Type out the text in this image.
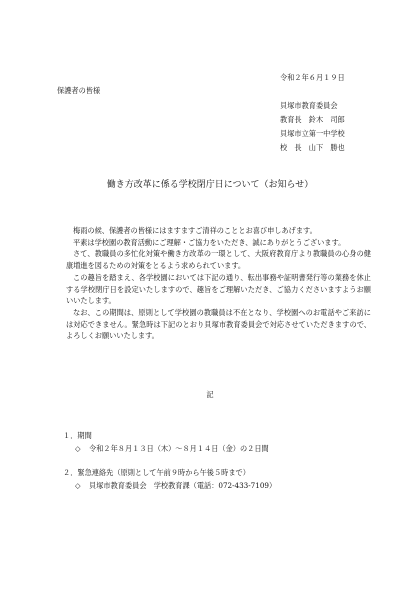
令和２年６月１９日
保護者の皆様
貝塚市教育委員会
教育長　鈴木　司郎
貝塚市立第一中学校
校　長　山下　勝也
働き方改革に係る学校閉庁日について（お知らせ）

梅雨の候、保護者の皆様にはますますご清祥のこととお喜び申しあげます。

平素は学校園の教育活動にご理解・ご協力をいただき、誠にありがとうございます。

さて、教職員の多忙化対策や働き方改革の一環として、大阪府教育庁より教職員の心身の健康増進を図るための対策をとるよう求められています。

この趣旨を踏まえ、各学校園においては下記の通り、転出事務や証明書発行等の業務を休止する学校閉庁日を設定いたしますので、趣旨をご理解いただき、ご協力くださいますようお願いいたします。

なお、この期間は、原則として学校園の教職員は不在となり、学校園へのお電話やご来訪には対応できません。緊急時は下記のとおり貝塚市教育委員会で対応させていただきますので、よろしくお願いいたします。

記
１．期間
◇ 令和２年８月１３日（木）～８月１４日（金）の２日間
２．緊急連絡先（原則として午前９時から午後５時まで）
◇ 貝塚市教育委員会　学校教育課（電話：072-433-7109）
